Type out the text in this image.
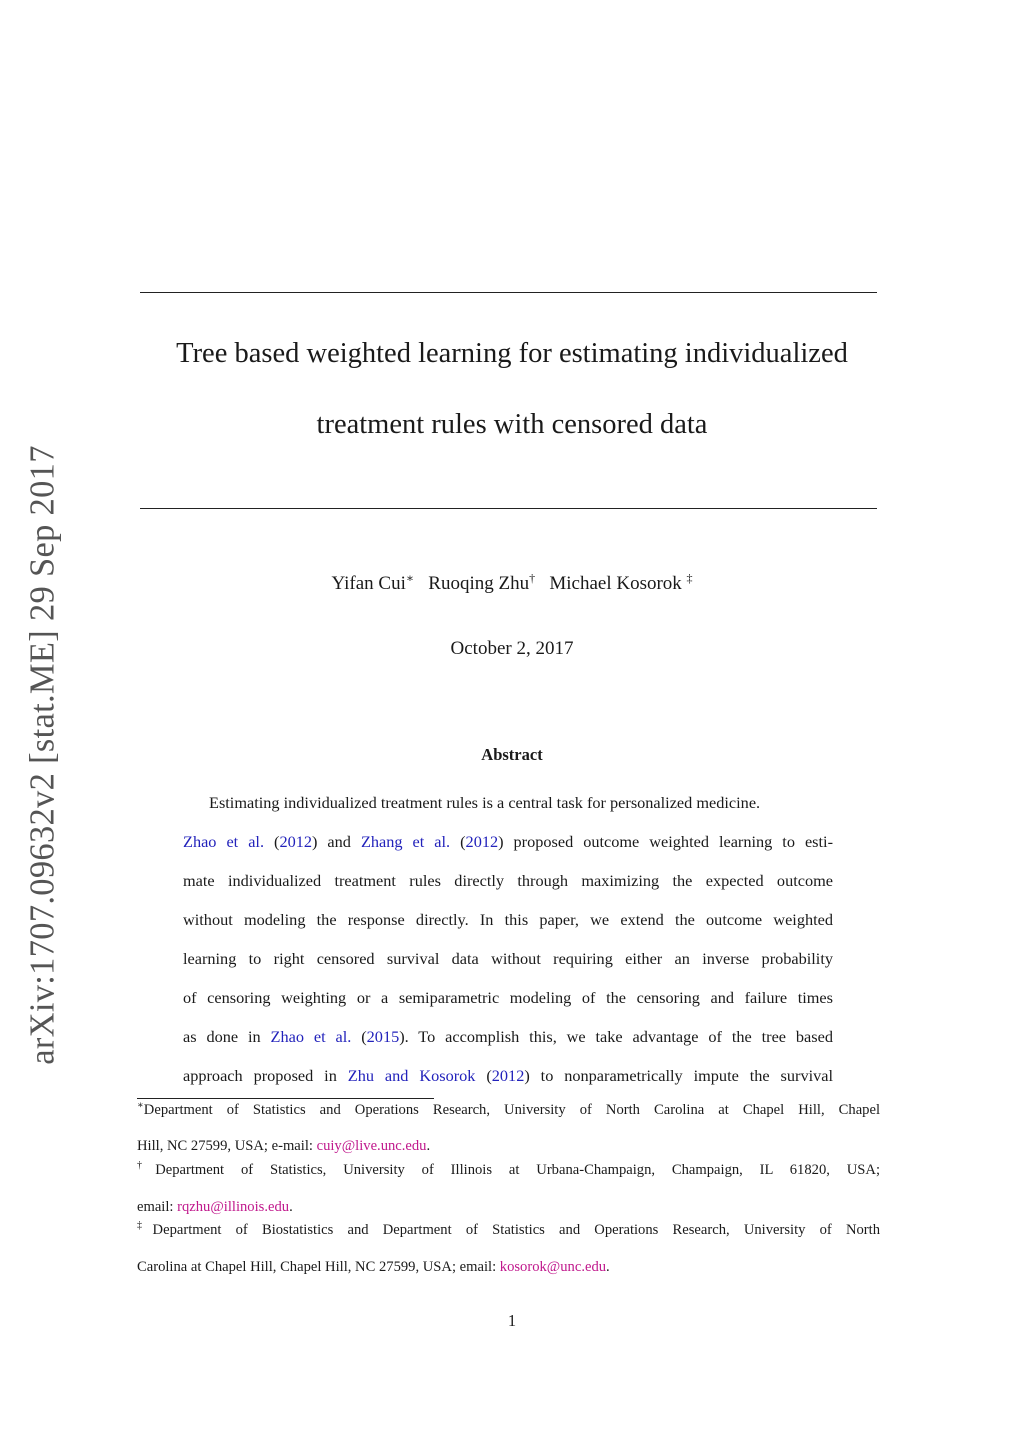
arXiv:1707.09632v2 [stat.ME] 29 Sep 2017
Tree based weighted learning for estimating individualized
treatment rules with censored data
Yifan Cui∗ Ruoqing Zhu† Michael Kosorok ‡
October 2, 2017
Abstract
Estimating individualized treatment rules is a central task for personalized medicine.
Zhao et al. (2012) and Zhang et al. (2012) proposed outcome weighted learning to esti-
mate individualized treatment rules directly through maximizing the expected outcome
without modeling the response directly. In this paper, we extend the outcome weighted
learning to right censored survival data without requiring either an inverse probability
of censoring weighting or a semiparametric modeling of the censoring and failure times
as done in Zhao et al. (2015). To accomplish this, we take advantage of the tree based
approach proposed in Zhu and Kosorok (2012) to nonparametrically impute the survival
∗Department of Statistics and Operations Research, University of North Carolina at Chapel Hill, Chapel
Hill, NC 27599, USA; e-mail: cuiy@live.unc.edu.
†Department of Statistics, University of Illinois at Urbana-Champaign, Champaign, IL 61820, USA;
email: rqzhu@illinois.edu.
‡Department of Biostatistics and Department of Statistics and Operations Research, University of North
Carolina at Chapel Hill, Chapel Hill, NC 27599, USA; email: kosorok@unc.edu.
1
